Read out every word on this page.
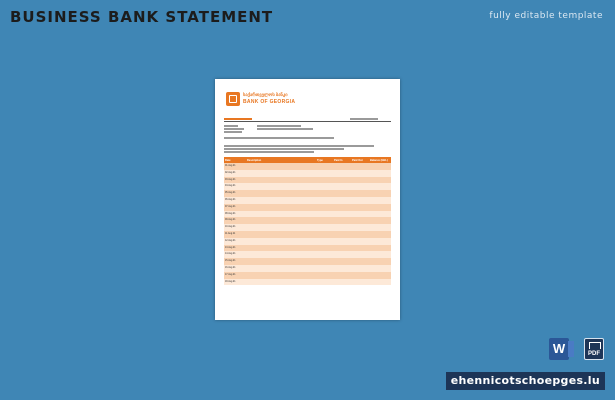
BUSINESS BANK STATEMENT	fully editable template
საქართველოს ბანკი
BANK OF GEORGIA
Date	Description	Type	Paid In	Paid Out	Balance (GEL)
01.Aug.21					
02.Aug.21					
03.Aug.21					
04.Aug.21					
05.Aug.21					
06.Aug.21					
07.Aug.21					
08.Aug.21					
09.Aug.21					
10.Aug.21					
11.Aug.21					
12.Aug.21					
13.Aug.21					
14.Aug.21					
15.Aug.21					
16.Aug.21					
17.Aug.21					
18.Aug.21					
W	PDF
ehennicotschoepges.lu
